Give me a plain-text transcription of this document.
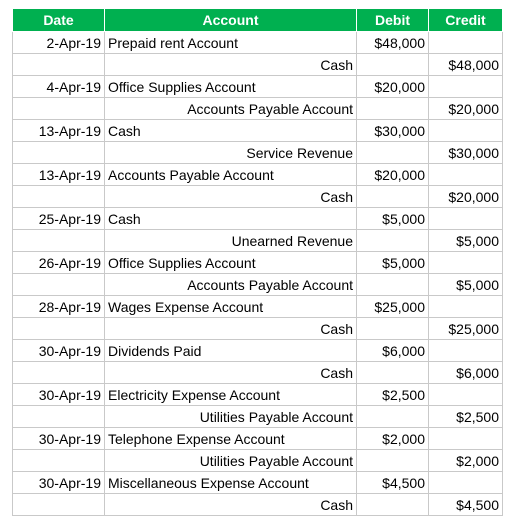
Date	Account	Debit	Credit
2-Apr-19	Prepaid rent Account	$48,000	
	Cash		$48,000
4-Apr-19	Office Supplies Account	$20,000	
	Accounts Payable Account		$20,000
13-Apr-19	Cash	$30,000	
	Service Revenue		$30,000
13-Apr-19	Accounts Payable Account	$20,000	
	Cash		$20,000
25-Apr-19	Cash	$5,000	
	Unearned Revenue		$5,000
26-Apr-19	Office Supplies Account	$5,000	
	Accounts Payable Account		$5,000
28-Apr-19	Wages Expense Account	$25,000	
	Cash		$25,000
30-Apr-19	Dividends Paid	$6,000	
	Cash		$6,000
30-Apr-19	Electricity Expense Account	$2,500	
	Utilities Payable Account		$2,500
30-Apr-19	Telephone Expense Account	$2,000	
	Utilities Payable Account		$2,000
30-Apr-19	Miscellaneous Expense Account	$4,500	
	Cash		$4,500
